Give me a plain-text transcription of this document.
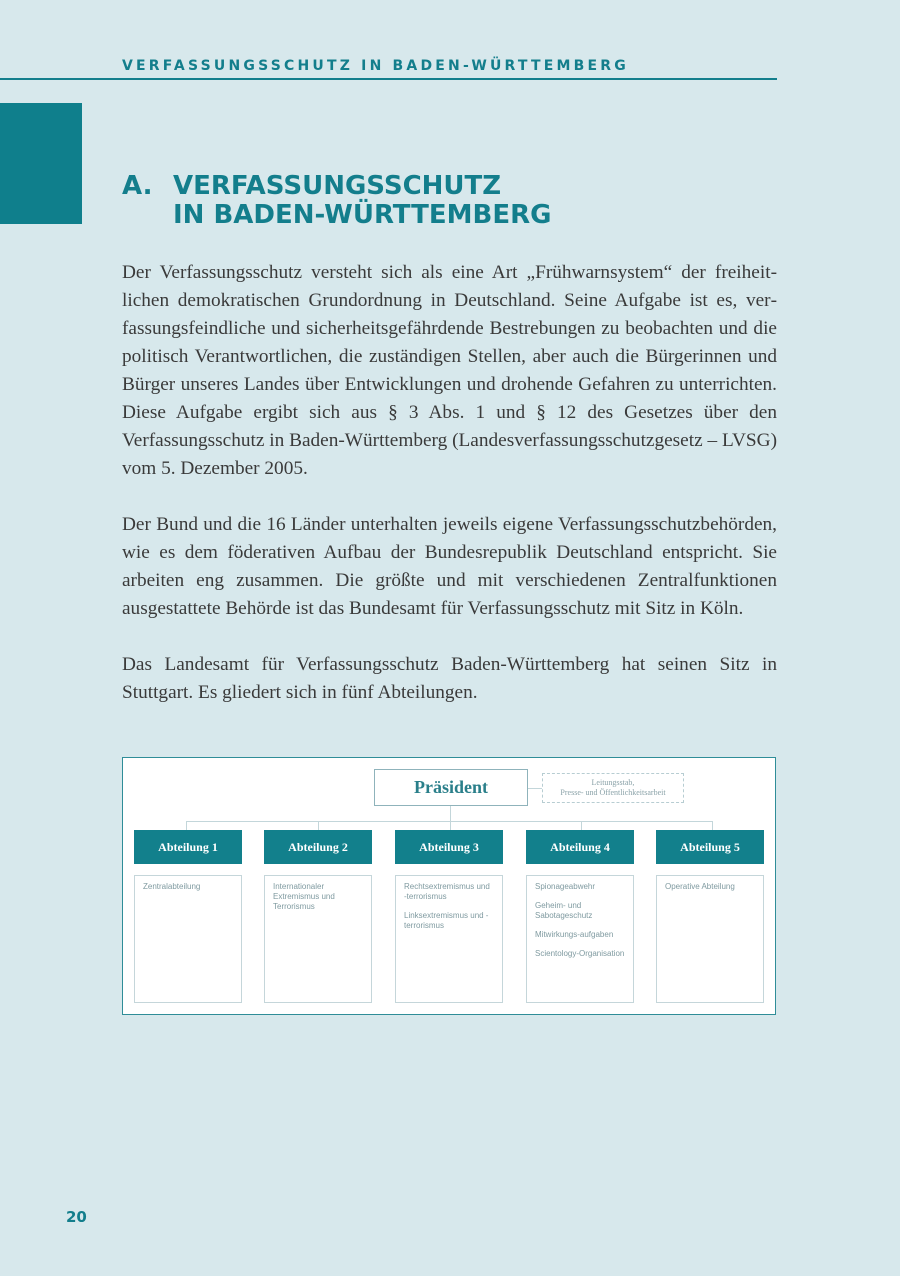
VERFASSUNGSSCHUTZ IN BADEN-WÜRTTEMBERG
A. VERFASSUNGSSCHUTZ
IN BADEN-WÜRTTEMBERG

Der Verfassungsschutz versteht sich als eine Art „Frühwarnsystem“ der freiheitlichen demokratischen Grundordnung in Deutschland. Seine Aufgabe ist es, verfassungsfeindliche und sicherheitsgefährdende Bestrebungen zu beobachten und die politisch Verantwortlichen, die zuständigen Stellen, aber auch die Bürgerinnen und Bürger unseres Landes über Entwicklungen und drohende Gefahren zu unterrichten. Diese Aufgabe ergibt sich aus § 3 Abs. 1 und § 12 des Gesetzes über den Verfassungsschutz in Baden-Württemberg (Landesverfassungsschutzgesetz – LVSG) vom 5. Dezember 2005.

Der Bund und die 16 Länder unterhalten jeweils eigene Verfassungsschutzbehörden, wie es dem föderativen Aufbau der Bundesrepublik Deutschland entspricht. Sie arbeiten eng zusammen. Die größte und mit verschiedenen Zentralfunktionen ausgestattete Behörde ist das Bundesamt für Verfassungsschutz mit Sitz in Köln.

Das Landesamt für Verfassungsschutz Baden-Württemberg hat seinen Sitz in Stuttgart. Es gliedert sich in fünf Abteilungen.

Präsident	Leitungsstab,
Presse- und Öffentlichkeitsarbeit
Abteilung 1	Abteilung 2	Abteilung 3	Abteilung 4	Abteilung 5
Zentralabteilung	Internationaler Extremismus und Terrorismus
Rechtsextremismus und -terrorismus
Linksextremismus und -terrorismus
Spionageabwehr
Geheim- und Sabotageschutz
Mitwirkungs-aufgaben
Scientology-Organisation
Operative Abteilung
20
